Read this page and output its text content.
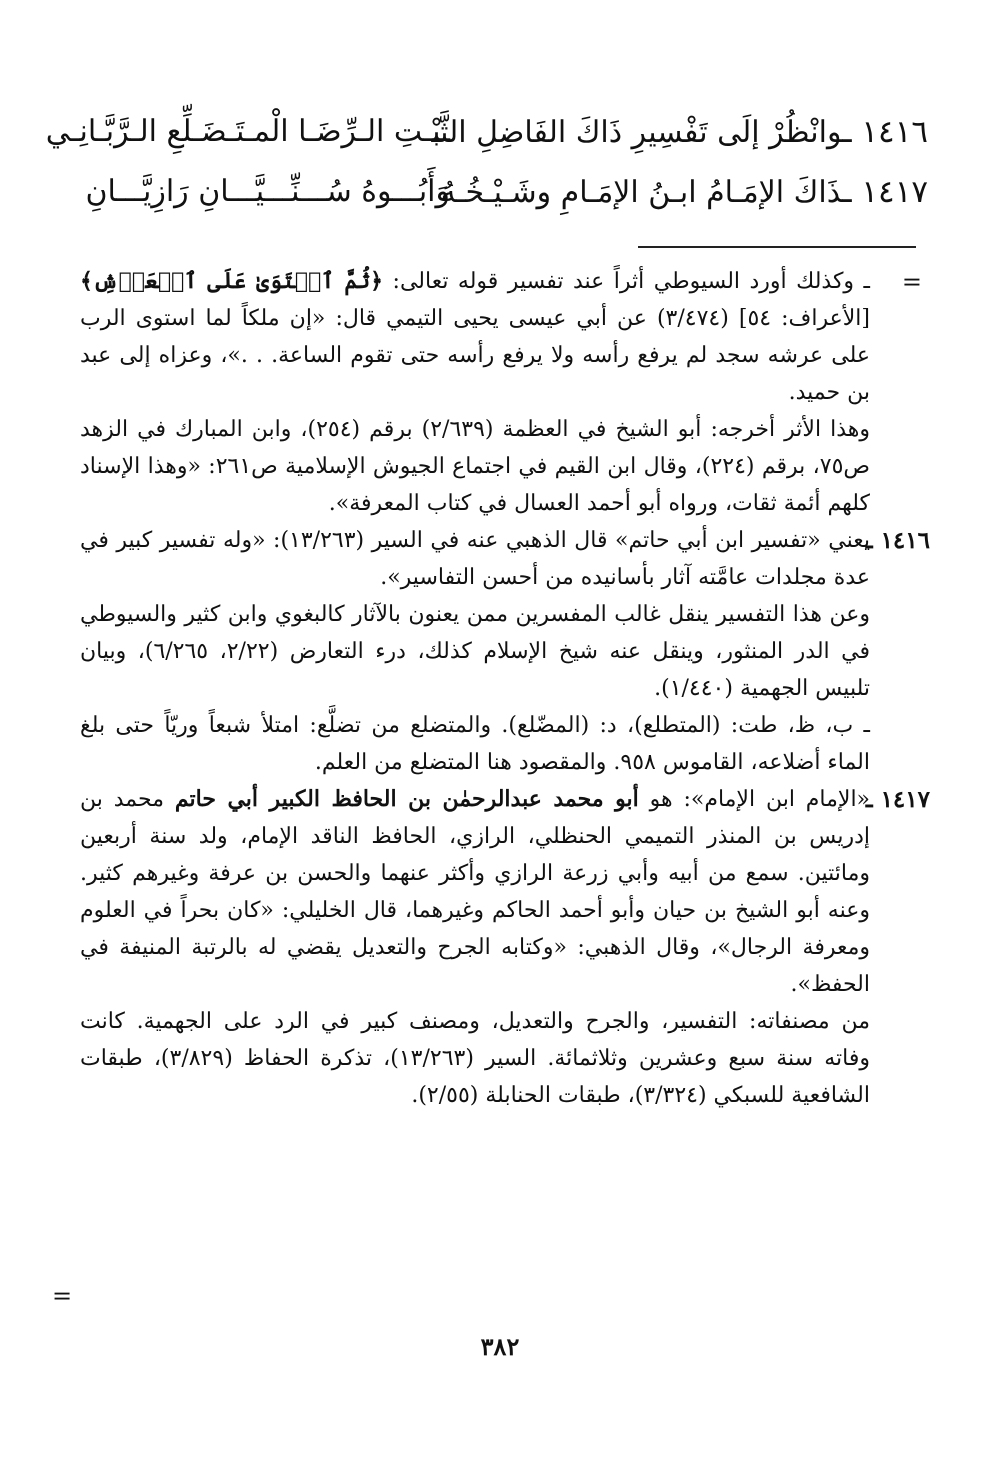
١٤١٦ ـوانْظُرْ إلَى تَفْسِيرِ ذَاكَ الفَاضِلِ الثَّـ
ـبْـتِ الـرِّضَـا الْمـتَـضَـلِّعِ الـرَّبَّـانِـي
١٤١٧ ـذَاكَ الإمَـامُ ابـنُ الإمَـامِ وشَـيْـخُـهُ
وَأَبُـــوهُ سُـــنِّـــيَّـــانِ رَازِيَّـــانِ
=

ـ وكذلك أورد السيوطي أثراً عند تفسير قوله تعالى: ﴿ثُمَّ ٱسۡتَوَىٰ عَلَى ٱلۡعَرۡشِ﴾ [الأعراف: ٥٤] (٣/٤٧٤) عن أبي عيسى يحيى التيمي قال: «إن ملكاً لما استوى الرب على عرشه سجد لم يرفع رأسه ولا يرفع رأسه حتى تقوم الساعة. . .»، وعزاه إلى عبد بن حميد.

وهذا الأثر أخرجه: أبو الشيخ في العظمة (٢/٦٣٩) برقم (٢٥٤)، وابن المبارك في الزهد ص٧٥، برقم (٢٢٤)، وقال ابن القيم في اجتماع الجيوش الإسلامية ص٢٦١: «وهذا الإسناد كلهم أئمة ثقات، ورواه أبو أحمد العسال في كتاب المعرفة».

١٤١٦ ـ
يعني «تفسير ابن أبي حاتم» قال الذهبي عنه في السير (١٣/٢٦٣): «وله تفسير كبير في عدة مجلدات عامَّته آثار بأسانيده من أحسن التفاسير».

وعن هذا التفسير ينقل غالب المفسرين ممن يعنون بالآثار كالبغوي وابن كثير والسيوطي في الدر المنثور، وينقل عنه شيخ الإسلام كذلك، درء التعارض (٢/٢٢، ٦/٢٦٥)، وبيان تلبيس الجهمية (١/٤٤٠).

ـ ب، ظ، طت: (المتطلع)، د: (المضّلع). والمتضلع من تضلَّع: امتلأ شبعاً وريّاً حتى بلغ الماء أضلاعه، القاموس ٩٥٨. والمقصود هنا المتضلع من العلم.

١٤١٧ ـ
«الإمام ابن الإمام»: هو أبو محمد عبدالرحمٰن بن الحافظ الكبير أبي حاتم محمد بن إدريس بن المنذر التميمي الحنظلي، الرازي، الحافظ الناقد الإمام، ولد سنة أربعين ومائتين. سمع من أبيه وأبي زرعة الرازي وأكثر عنهما والحسن بن عرفة وغيرهم كثير. وعنه أبو الشيخ بن حيان وأبو أحمد الحاكم وغيرهما، قال الخليلي: «كان بحراً في العلوم ومعرفة الرجال»، وقال الذهبي: «وكتابه الجرح والتعديل يقضي له بالرتبة المنيفة في الحفظ».

من مصنفاته: التفسير، والجرح والتعديل، ومصنف كبير في الرد على الجهمية. كانت وفاته سنة سبع وعشرين وثلاثمائة. السير (١٣/٢٦٣)، تذكرة الحفاظ (٣/٨٢٩)، طبقات الشافعية للسبكي (٣/٣٢٤)، طبقات الحنابلة (٢/٥٥).

=
٣٨٢
